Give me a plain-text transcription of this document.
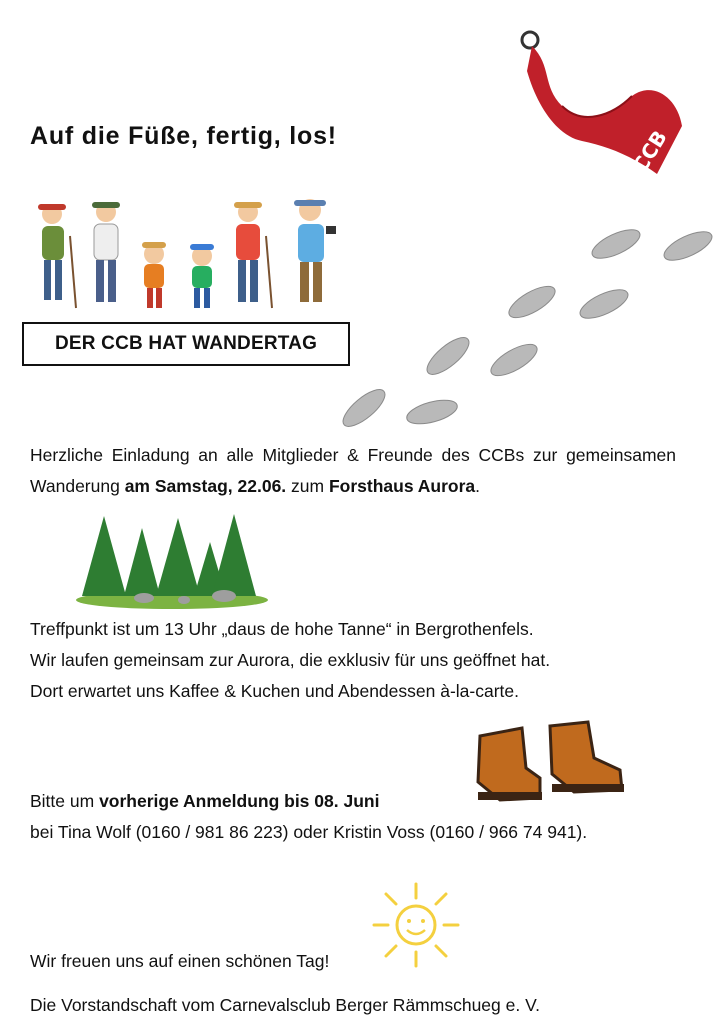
CCB
Auf die Füße, fertig, los!
DER CCB HAT WANDERTAG
Herzliche Einladung an alle Mitglieder & Freunde des CCBs zur gemeinsamen Wanderung am Samstag, 22.06. zum Forsthaus Aurora.
Treffpunkt ist um 13 Uhr „daus de hohe Tanne“ in Bergrothenfels.
Wir laufen gemeinsam zur Aurora, die exklusiv für uns geöffnet hat.
Dort erwartet uns Kaffee & Kuchen und Abendessen à-la-carte.
Bitte um vorherige Anmeldung bis 08. Juni
bei Tina Wolf (0160 / 981 86 223) oder Kristin Voss (0160 / 966 74 941).
Wir freuen uns auf einen schönen Tag!
Die Vorstandschaft vom Carnevalsclub Berger Rämmschueg e. V.
